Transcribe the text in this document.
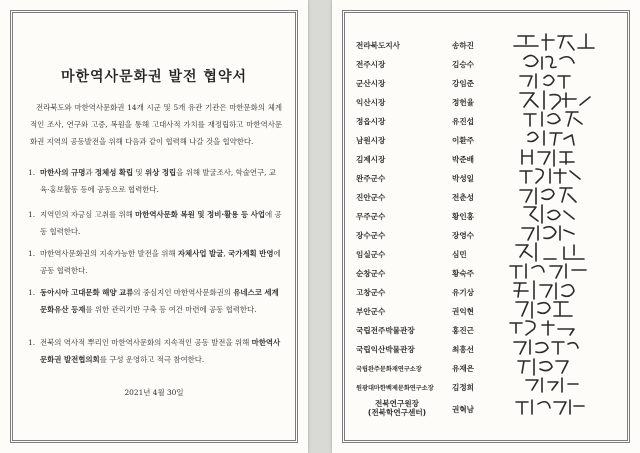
마한역사문화권 발전 협약서

전라북도와 마한역사문화권 14개 시군 및 5개 유관 기관은 마한문화의 체계적인 조사, 연구와 고증, 복원을 통해 고대사적 가치를 재정립하고 마한역사문화권 지역의 공동발전을 위해 다음과 같이 협력해 나갈 것을 협약한다.

1. 마한사의 규명과 정체성 확립 및 위상 정립을 위해 발굴조사, 학술연구, 교육·홍보활동 등에 공동으로 협력한다.

1. 지역민의 자긍심 고취를 위해 마한역사문화 복원 및 정비·활용 등 사업에 공동 협력한다.

1. 마한역사문화권의 지속가능한 발전을 위해 자체사업 발굴, 국가계획 반영에 공동 협력한다.

1. 동아시아 고대문화 해양 교류의 중심지인 마한역사문화권의 유네스코 세계문화유산 등재를 위한 관리기반 구축 등 여건 마련에 공동 협력한다.

1. 전북의 역사적 뿌리인 마한역사문화의 지속적인 공동 발전을 위해 마한역사문화권 발전협의회를 구성 운영하고 적극 참여한다.

2021년 4월 30일
전라북도지사	송하진
전주시장	김승수
군산시장	강임준
익산시장	정헌율
정읍시장	유진섭
남원시장	이환주
김제시장	박준배
완주군수	박성일
진안군수	전춘성
무주군수	황인홍
장수군수	장영수
임실군수	심민
순창군수	황숙주
고창군수	유기상
부안군수	권익현
국립전주박물관장	홍진근
국립익산박물관장	최흥선
국립완주문화재연구소장	유재은
원광대마한백제문화연구소장	김정희
전북연구원장
(전북학연구센터)	권혁남
